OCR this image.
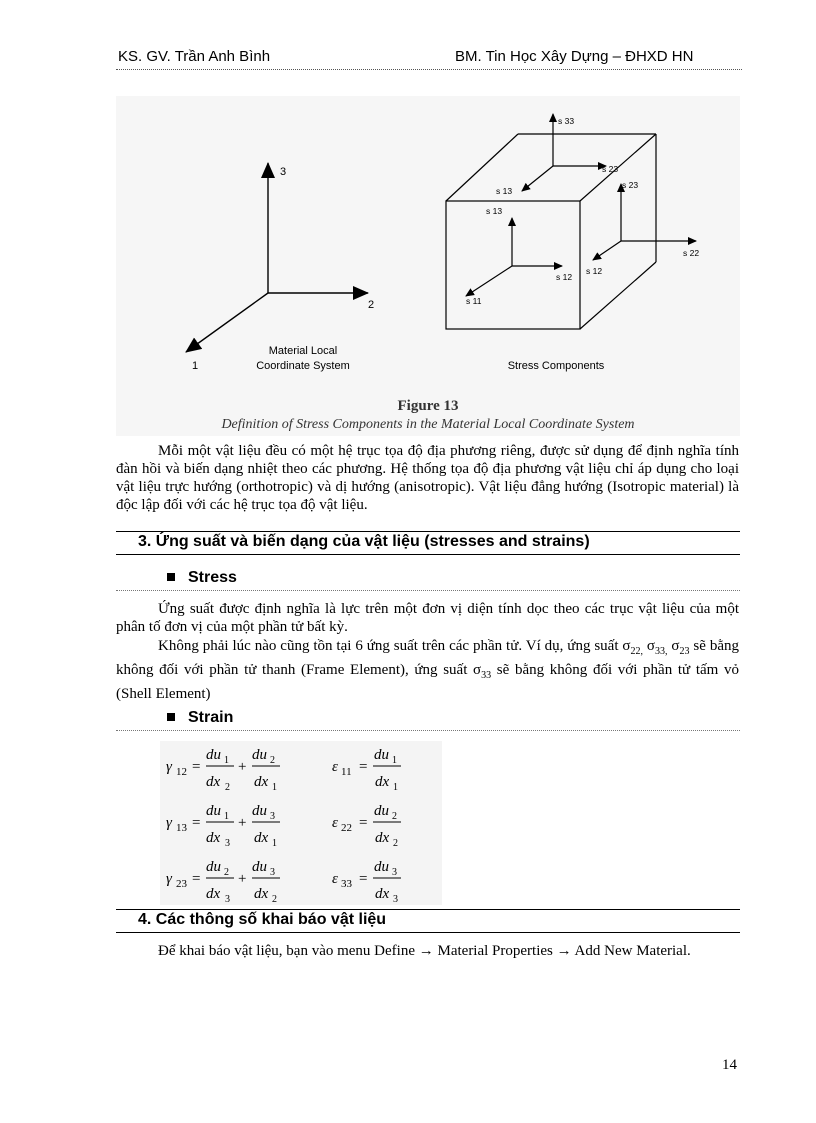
KS. GV. Trần Anh Bình	BM. Tin Học Xây Dựng – ĐHXD HN
3
2
1
Material Local
Coordinate System
s 33
s 13
s 23
s 23
s 22
s 13
s 12
s 12
s 11
Stress Components
Figure 13
Definition of Stress Components in the Material Local Coordinate System
Mỗi một vật liệu đều có một hệ trục tọa độ địa phương riêng, được sử dụng để định nghĩa tính đàn hồi và biến dạng nhiệt theo các phương. Hệ thống tọa độ địa phương vật liệu chỉ áp dụng cho loại vật liệu trực hướng (orthotropic) và dị hướng (anisotropic). Vật liệu đẳng hướng (Isotropic material) là độc lập đối với các hệ trục tọa độ vật liệu.
3. Ứng suất và biến dạng của vật liệu (stresses and strains)
Stress
Ứng suất được định nghĩa là lực trên một đơn vị diện tính dọc theo các trục vật liệu của một phân tố đơn vị của một phần tử bất kỳ.
Không phải lúc nào cũng tồn tại 6 ứng suất trên các phần tử. Ví dụ, ứng suất $\sigma_{22,}$ $\sigma_{33,}$ $\sigma_{23}$ sẽ bằng không đối với phần tử thanh (Frame Element), ứng suất $\sigma_{33}$ sẽ bằng không đối với phần tử tấm vỏ (Shell Element)
Strain
γ 12 =
du 1
dx 2
+
du 2
dx 1
ε 11 =
du 1
dx 1
γ 13 =
du 1
dx 3
+
du 3
dx 1
ε 22 =
du 2
dx 2
γ 23 =
du 2
dx 3
+
du 3
dx 2
ε 33 =
du 3
dx 3
4. Các thông số khai báo vật liệu
Để khai báo vật liệu, bạn vào menu Define → Material Properties → Add New Material.
14
